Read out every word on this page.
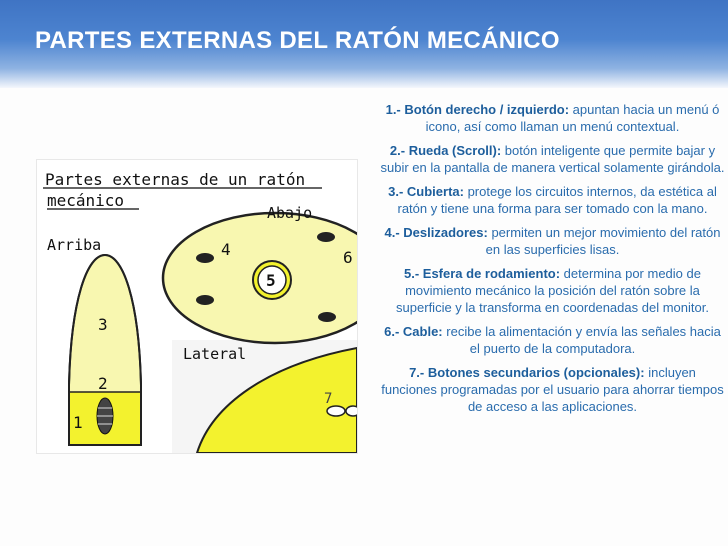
PARTES EXTERNAS DEL RATÓN MECÁNICO
Partes externas de un ratón
mecánico
Abajo
Arriba
Lateral
1
2
3
4
5
6
7
1.- Botón derecho / izquierdo: apuntan hacia un menú ó icono, así como llaman un menú contextual.
2.- Rueda (Scroll): botón inteligente que permite bajar y subir en la pantalla de manera vertical solamente girándola.
3.- Cubierta: protege los circuitos internos, da estética al ratón y tiene una forma para ser tomado con la mano.
4.- Deslizadores: permiten un mejor movimiento del ratón en las superficies lisas.
5.- Esfera de rodamiento: determina por medio de movimiento mecánico la posición del ratón sobre la superficie y la transforma en coordenadas del monitor.
6.- Cable: recibe la alimentación y envía las señales hacia el puerto de la computadora.
7.- Botones secundarios (opcionales): incluyen funciones programadas por el usuario para ahorrar tiempos de acceso a las aplicaciones.
